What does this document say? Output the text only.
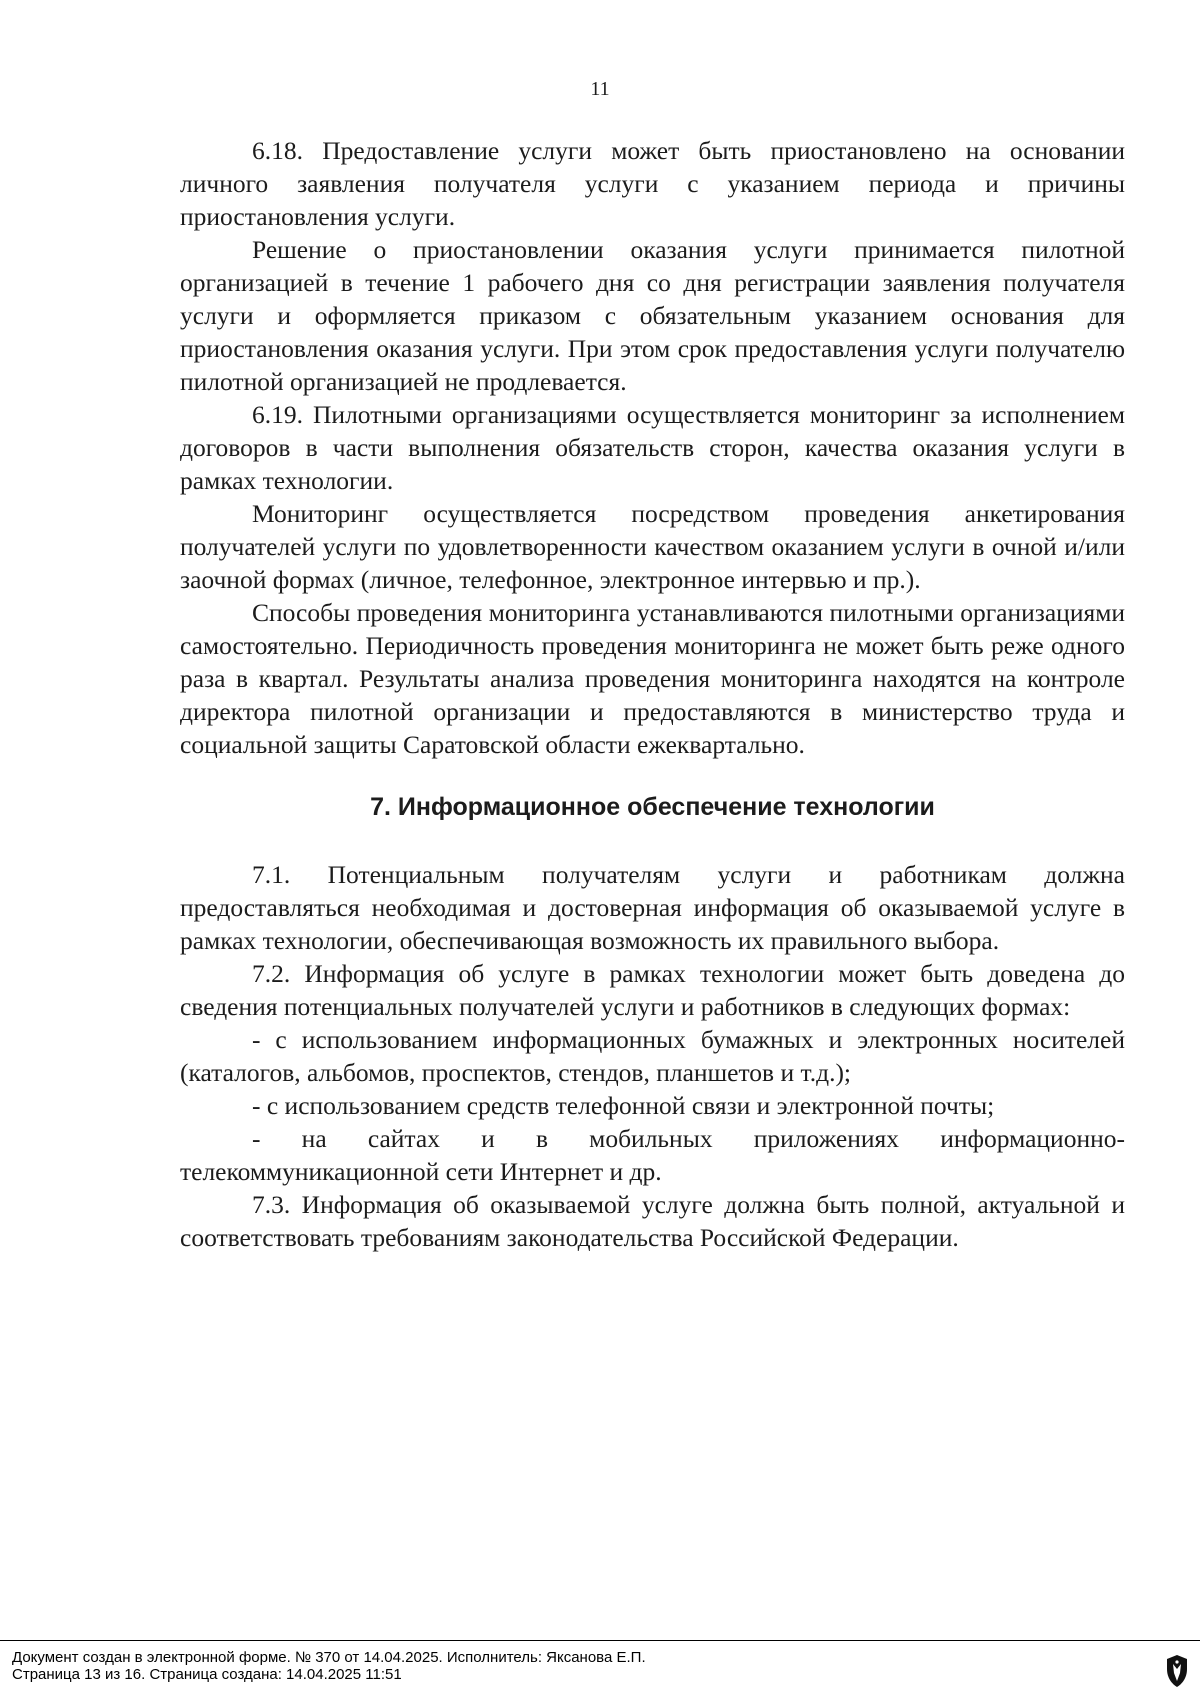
11

6.18. Предоставление услуги может быть приостановлено на основании личного заявления получателя услуги с указанием периода и причины приостановления услуги.

Решение о приостановлении оказания услуги принимается пилотной организацией в течение 1 рабочего дня со дня регистрации заявления получателя услуги и оформляется приказом с обязательным указанием основания для приостановления оказания услуги. При этом срок предоставления услуги получателю пилотной организацией не продлевается.

6.19. Пилотными организациями осуществляется мониторинг за исполнением договоров в части выполнения обязательств сторон, качества оказания услуги в рамках технологии.

Мониторинг осуществляется посредством проведения анкетирования получателей услуги по удовлетворенности качеством оказанием услуги в очной и/или заочной формах (личное, телефонное, электронное интервью и пр.).

Способы проведения мониторинга устанавливаются пилотными организациями самостоятельно. Периодичность проведения мониторинга не может быть реже одного раза в квартал. Результаты анализа проведения мониторинга находятся на контроле директора пилотной организации и предоставляются в министерство труда и социальной защиты Саратовской области ежеквартально.

7. Информационное обеспечение технологии

7.1. Потенциальным получателям услуги и работникам должна предоставляться необходимая и достоверная информация об оказываемой услуге в рамках технологии, обеспечивающая возможность их правильного выбора.

7.2. Информация об услуге в рамках технологии может быть доведена до сведения потенциальных получателей услуги и работников в следующих формах:

- с использованием информационных бумажных и электронных носителей (каталогов, альбомов, проспектов, стендов, планшетов и т.д.);

- с использованием средств телефонной связи и электронной почты;

- на сайтах и в мобильных приложениях информационно-телекоммуникационной сети Интернет и др.

7.3. Информация об оказываемой услуге должна быть полной, актуальной и соответствовать требованиям законодательства Российской Федерации.

Документ создан в электронной форме. № 370 от 14.04.2025. Исполнитель: Яксанова Е.П.
Страница 13 из 16. Страница создана: 14.04.2025 11:51
